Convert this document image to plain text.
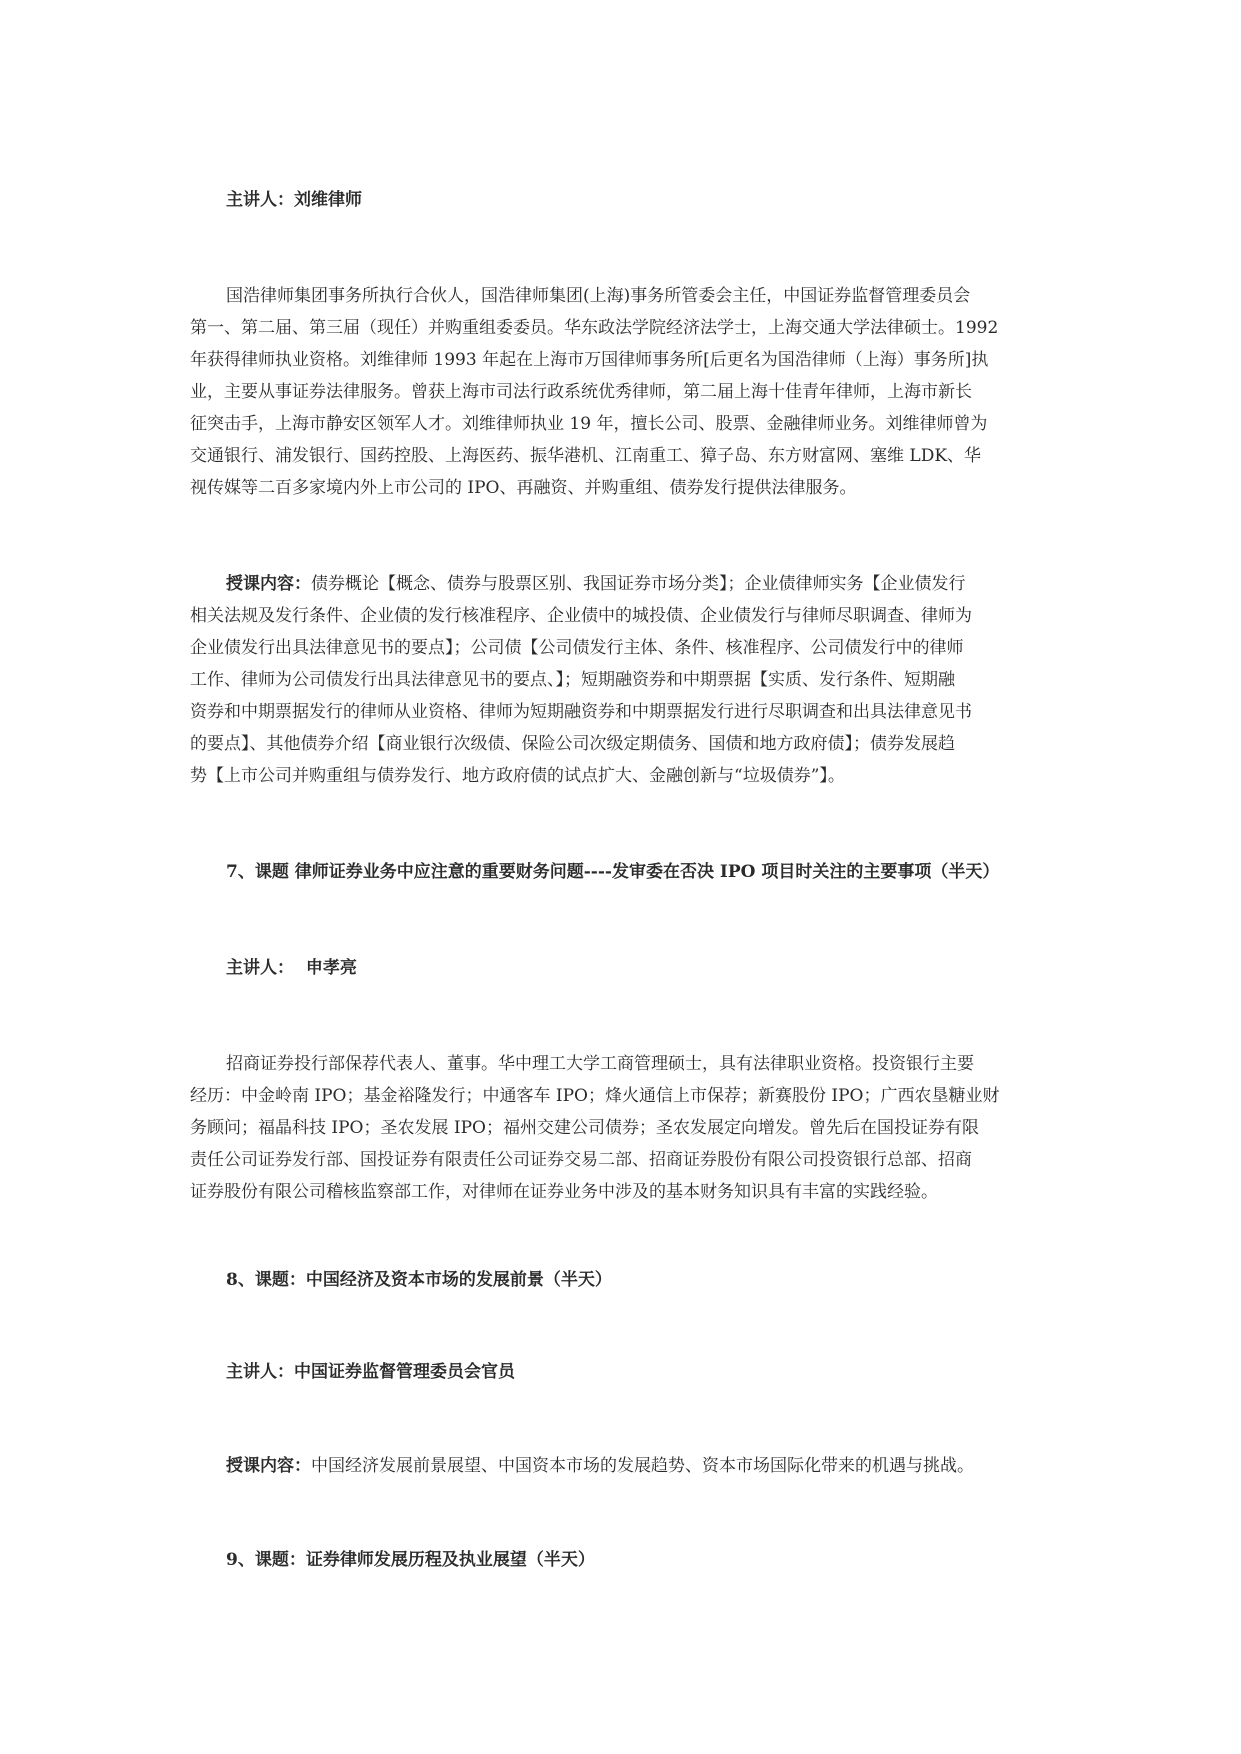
主讲人：刘维律师
国浩律师集团事务所执行合伙人，国浩律师集团(上海)事务所管委会主任，中国证券监督管理委员会
第一、第二届、第三届（现任）并购重组委委员。华东政法学院经济法学士，上海交通大学法律硕士。1992
年获得律师执业资格。刘维律师 1993 年起在上海市万国律师事务所[后更名为国浩律师（上海）事务所]执
业，主要从事证券法律服务。曾获上海市司法行政系统优秀律师，第二届上海十佳青年律师，上海市新长
征突击手，上海市静安区领军人才。刘维律师执业 19 年，擅长公司、股票、金融律师业务。刘维律师曾为
交通银行、浦发银行、国药控股、上海医药、振华港机、江南重工、獐子岛、东方财富网、塞维 LDK、华
视传媒等二百多家境内外上市公司的 IPO、再融资、并购重组、债券发行提供法律服务。
授课内容：债券概论【概念、债券与股票区别、我国证券市场分类】；企业债律师实务【企业债发行
相关法规及发行条件、企业债的发行核准程序、企业债中的城投债、企业债发行与律师尽职调查、律师为
企业债发行出具法律意见书的要点】；公司债【公司债发行主体、条件、核准程序、公司债发行中的律师
工作、律师为公司债发行出具法律意见书的要点、】；短期融资券和中期票据【实质、发行条件、短期融
资券和中期票据发行的律师从业资格、律师为短期融资券和中期票据发行进行尽职调查和出具法律意见书
的要点】、其他债券介绍【商业银行次级债、保险公司次级定期债务、国债和地方政府债】；债券发展趋
势【上市公司并购重组与债券发行、地方政府债的试点扩大、金融创新与“垃圾债券”】。
7、课题 律师证券业务中应注意的重要财务问题----发审委在否决 IPO 项目时关注的主要事项（半天）
主讲人：  申孝亮
招商证券投行部保荐代表人、董事。华中理工大学工商管理硕士，具有法律职业资格。投资银行主要
经历：中金岭南 IPO；基金裕隆发行；中通客车 IPO；烽火通信上市保荐；新赛股份 IPO；广西农垦糖业财
务顾问；福晶科技 IPO；圣农发展 IPO；福州交建公司债券；圣农发展定向增发。曾先后在国投证券有限
责任公司证券发行部、国投证券有限责任公司证券交易二部、招商证券股份有限公司投资银行总部、招商
证券股份有限公司稽核监察部工作，对律师在证券业务中涉及的基本财务知识具有丰富的实践经验。
8、课题：中国经济及资本市场的发展前景（半天）
主讲人：中国证券监督管理委员会官员
授课内容：中国经济发展前景展望、中国资本市场的发展趋势、资本市场国际化带来的机遇与挑战。
9、课题：证券律师发展历程及执业展望（半天）
